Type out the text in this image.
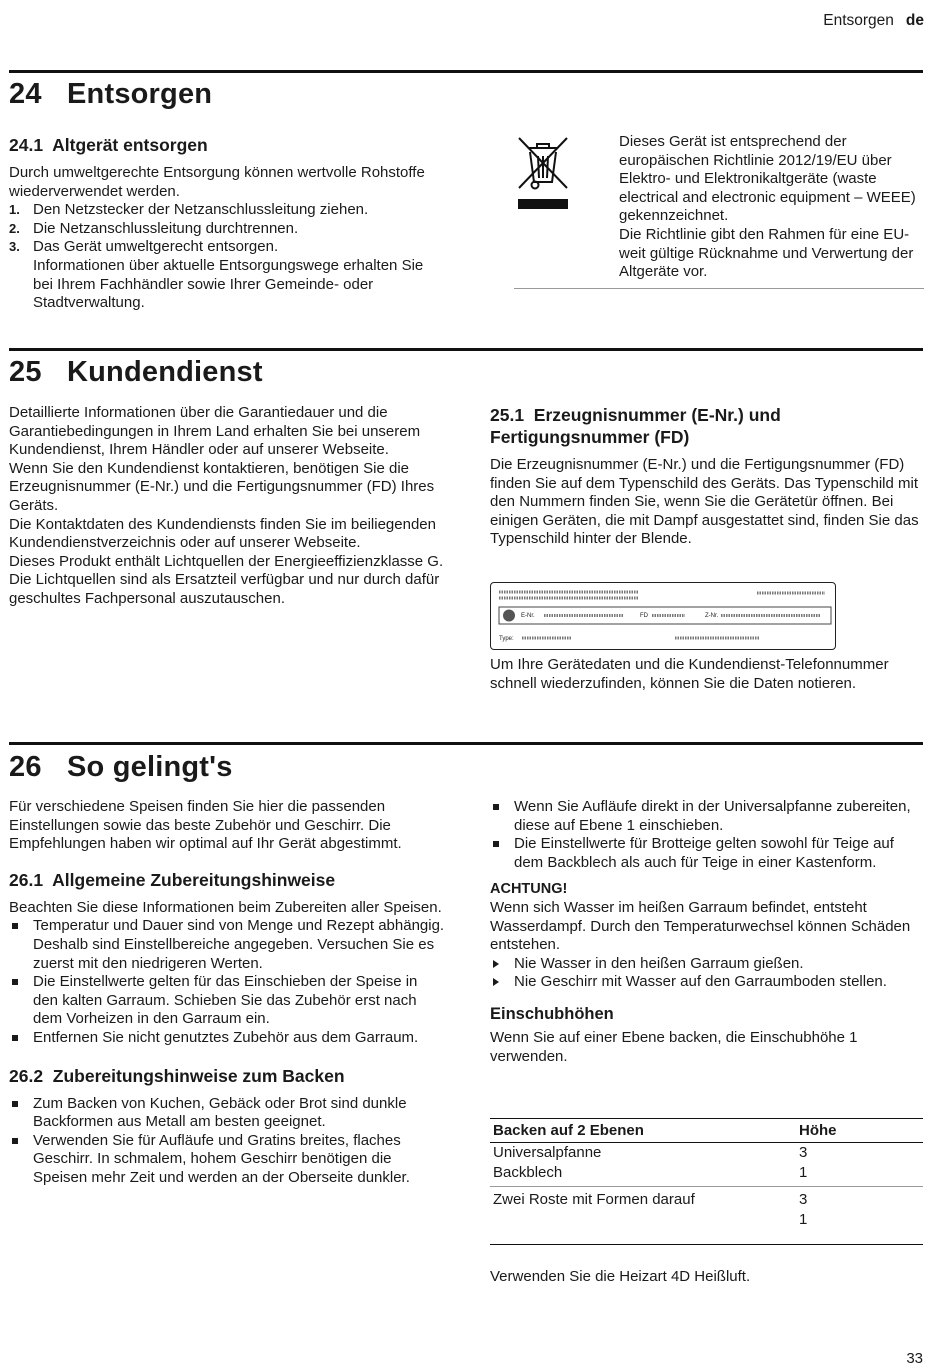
Entsorgen de
24 Entsorgen
24.1 Altgerät entsorgen

Durch umweltgerechte Entsorgung können wertvolle Rohstoffe wiederverwendet werden.

1. Den Netzstecker der Netzanschlussleitung ziehen.
2. Die Netzanschlussleitung durchtrennen.
3. Das Gerät umweltgerecht entsorgen.
Informationen über aktuelle Entsorgungswege erhalten Sie bei Ihrem Fachhändler sowie Ihrer Gemeinde- oder Stadtverwaltung.

Dieses Gerät ist entsprechend der europäischen Richtlinie 2012/19/EU über Elektro- und Elektronikaltgeräte (waste electrical and electronic equipment – WEEE) gekennzeichnet.

Die Richtlinie gibt den Rahmen für eine EU-weit gültige Rücknahme und Verwertung der Altgeräte vor.

25 Kundendienst

Detaillierte Informationen über die Garantiedauer und die Garantiebedingungen in Ihrem Land erhalten Sie bei unserem Kundendienst, Ihrem Händler oder auf unserer Webseite.

Wenn Sie den Kundendienst kontaktieren, benötigen Sie die Erzeugnisnummer (E-Nr.) und die Fertigungsnummer (FD) Ihres Geräts.

Die Kontaktdaten des Kundendiensts finden Sie im beiliegenden Kundendienstverzeichnis oder auf unserer Webseite.

Dieses Produkt enthält Lichtquellen der Energieeffizienzklasse G. Die Lichtquellen sind als Ersatzteil verfügbar und nur durch dafür geschultes Fachpersonal auszutauschen.

25.1 Erzeugnisnummer (E-Nr.) und Fertigungsnummer (FD)

Die Erzeugnisnummer (E-Nr.) und die Fertigungsnummer (FD) finden Sie auf dem Typenschild des Geräts. Das Typenschild mit den Nummern finden Sie, wenn Sie die Gerätetür öffnen. Bei einigen Geräten, die mit Dampf ausgestattet sind, finden Sie das Typenschild hinter der Blende.

E-Nr.	FD	Z-Nr.
Type:

Um Ihre Gerätedaten und die Kundendienst-Telefonnummer schnell wiederzufinden, können Sie die Daten notieren.

26 So gelingt's

Für verschiedene Speisen finden Sie hier die passenden Einstellungen sowie das beste Zubehör und Geschirr. Die Empfehlungen haben wir optimal auf Ihr Gerät abgestimmt.

26.1 Allgemeine Zubereitungshinweise

Beachten Sie diese Informationen beim Zubereiten aller Speisen.

Temperatur und Dauer sind von Menge und Rezept abhängig. Deshalb sind Einstellbereiche angegeben. Versuchen Sie es zuerst mit den niedrigeren Werten.
Die Einstellwerte gelten für das Einschieben der Speise in den kalten Garraum. Schieben Sie das Zubehör erst nach dem Vorheizen in den Garraum ein.
Entfernen Sie nicht genutztes Zubehör aus dem Garraum.
26.2 Zubereitungshinweise zum Backen
Zum Backen von Kuchen, Gebäck oder Brot sind dunkle Backformen aus Metall am besten geeignet.
Verwenden Sie für Aufläufe und Gratins breites, flaches Geschirr. In schmalem, hohem Geschirr benötigen die Speisen mehr Zeit und werden an der Oberseite dunkler.
Wenn Sie Aufläufe direkt in der Universalpfanne zubereiten, diese auf Ebene 1 einschieben.
Die Einstellwerte für Brotteige gelten sowohl für Teige auf dem Backblech als auch für Teige in einer Kastenform.
ACHTUNG!

Wenn sich Wasser im heißen Garraum befindet, entsteht Wasserdampf. Durch den Temperaturwechsel können Schäden entstehen.

Nie Wasser in den heißen Garraum gießen.
Nie Geschirr mit Wasser auf den Garraumboden stellen.
Einschubhöhen

Wenn Sie auf einer Ebene backen, die Einschubhöhe 1 verwenden.

Backen auf 2 Ebenen	Höhe
Universalpfanne	3
Backblech	1
Zwei Roste mit Formen darauf	3
	1

Verwenden Sie die Heizart 4D Heißluft.

33
